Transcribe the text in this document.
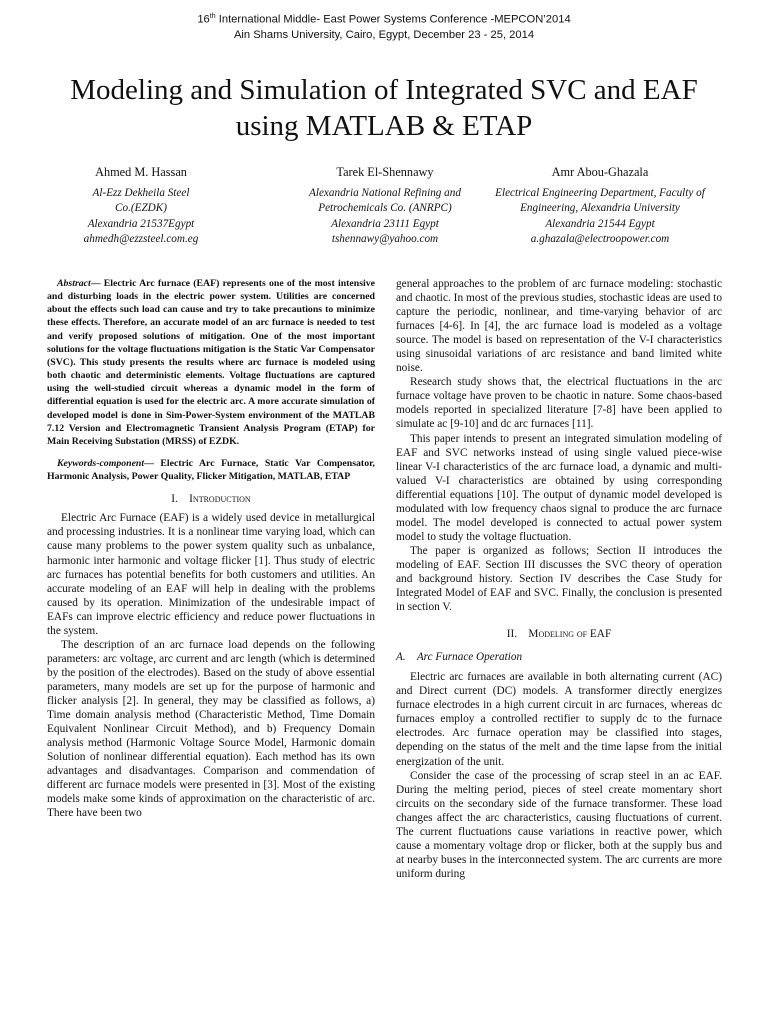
16th International Middle- East Power Systems Conference -MEPCON’2014
Ain Shams University, Cairo, Egypt, December 23 - 25, 2014
Modeling and Simulation of Integrated SVC and EAF using MATLAB & ETAP
Ahmed M. Hassan
Al-Ezz Dekheila Steel
Co.(EZDK)
Alexandria 21537Egypt
ahmedh@ezzsteel.com.eg
Tarek El-Shennawy
Alexandria National Refining and
Petrochemicals Co. (ANRPC)
Alexandria 23111 Egypt
tshennawy@yahoo.com
Amr Abou-Ghazala
Electrical Engineering Department, Faculty of
Engineering, Alexandria University
Alexandria 21544 Egypt
a.ghazala@electroopower.com

Abstract— Electric Arc furnace (EAF) represents one of the most intensive and disturbing loads in the electric power system. Utilities are concerned about the effects such load can cause and try to take precautions to minimize these effects. Therefore, an accurate model of an arc furnace is needed to test and verify proposed solutions of mitigation. One of the most important solutions for the voltage fluctuations mitigation is the Static Var Compensator (SVC). This study presents the results where arc furnace is modeled using both chaotic and deterministic elements. Voltage fluctuations are captured using the well-studied circuit whereas a dynamic model in the form of differential equation is used for the electric arc. A more accurate simulation of developed model is done in Sim-Power-System environment of the MATLAB 7.12 Version and Electromagnetic Transient Analysis Program (ETAP) for Main Receiving Substation (MRSS) of EZDK.

Keywords-component— Electric Arc Furnace, Static Var Compensator, Harmonic Analysis, Power Quality, Flicker Mitigation, MATLAB, ETAP

I. Introduction

Electric Arc Furnace (EAF) is a widely used device in metallurgical and processing industries. It is a nonlinear time varying load, which can cause many problems to the power system quality such as unbalance, harmonic inter harmonic and voltage flicker [1]. Thus study of electric arc furnaces has potential benefits for both customers and utilities. An accurate modeling of an EAF will help in dealing with the problems caused by its operation. Minimization of the undesirable impact of EAFs can improve electric efficiency and reduce power fluctuations in the system.

The description of an arc furnace load depends on the following parameters: arc voltage, arc current and arc length (which is determined by the position of the electrodes). Based on the study of above essential parameters, many models are set up for the purpose of harmonic and flicker analysis [2]. In general, they may be classified as follows, a) Time domain analysis method (Characteristic Method, Time Domain Equivalent Nonlinear Circuit Method), and b) Frequency Domain analysis method (Harmonic Voltage Source Model, Harmonic domain Solution of nonlinear differential equation). Each method has its own advantages and disadvantages. Comparison and commendation of different arc furnace models were presented in [3]. Most of the existing models make some kinds of approximation on the characteristic of arc. There have been two

general approaches to the problem of arc furnace modeling: stochastic and chaotic. In most of the previous studies, stochastic ideas are used to capture the periodic, nonlinear, and time-varying behavior of arc furnaces [4-6]. In [4], the arc furnace load is modeled as a voltage source. The model is based on representation of the V-I characteristics using sinusoidal variations of arc resistance and band limited white noise.

Research study shows that, the electrical fluctuations in the arc furnace voltage have proven to be chaotic in nature. Some chaos-based models reported in specialized literature [7-8] have been applied to simulate ac [9-10] and dc arc furnaces [11].

This paper intends to present an integrated simulation modeling of EAF and SVC networks instead of using single valued piece-wise linear V-I characteristics of the arc furnace load, a dynamic and multi-valued V-I characteristics are obtained by using corresponding differential equations [10]. The output of dynamic model developed is modulated with low frequency chaos signal to produce the arc furnace model. The model developed is connected to actual power system model to study the voltage fluctuation.

The paper is organized as follows; Section II introduces the modeling of EAF. Section III discusses the SVC theory of operation and background history. Section IV describes the Case Study for Integrated Model of EAF and SVC. Finally, the conclusion is presented in section V.

II. Modeling of EAF

A. Arc Furnace Operation

Electric arc furnaces are available in both alternating current (AC) and Direct current (DC) models. A transformer directly energizes furnace electrodes in a high current circuit in arc furnaces, whereas dc furnaces employ a controlled rectifier to supply dc to the furnace electrodes. Arc furnace operation may be classified into stages, depending on the status of the melt and the time lapse from the initial energization of the unit.

Consider the case of the processing of scrap steel in an ac EAF. During the melting period, pieces of steel create momentary short circuits on the secondary side of the furnace transformer. These load changes affect the arc characteristics, causing fluctuations of current. The current fluctuations cause variations in reactive power, which cause a momentary voltage drop or flicker, both at the supply bus and at nearby buses in the interconnected system. The arc currents are more uniform during
